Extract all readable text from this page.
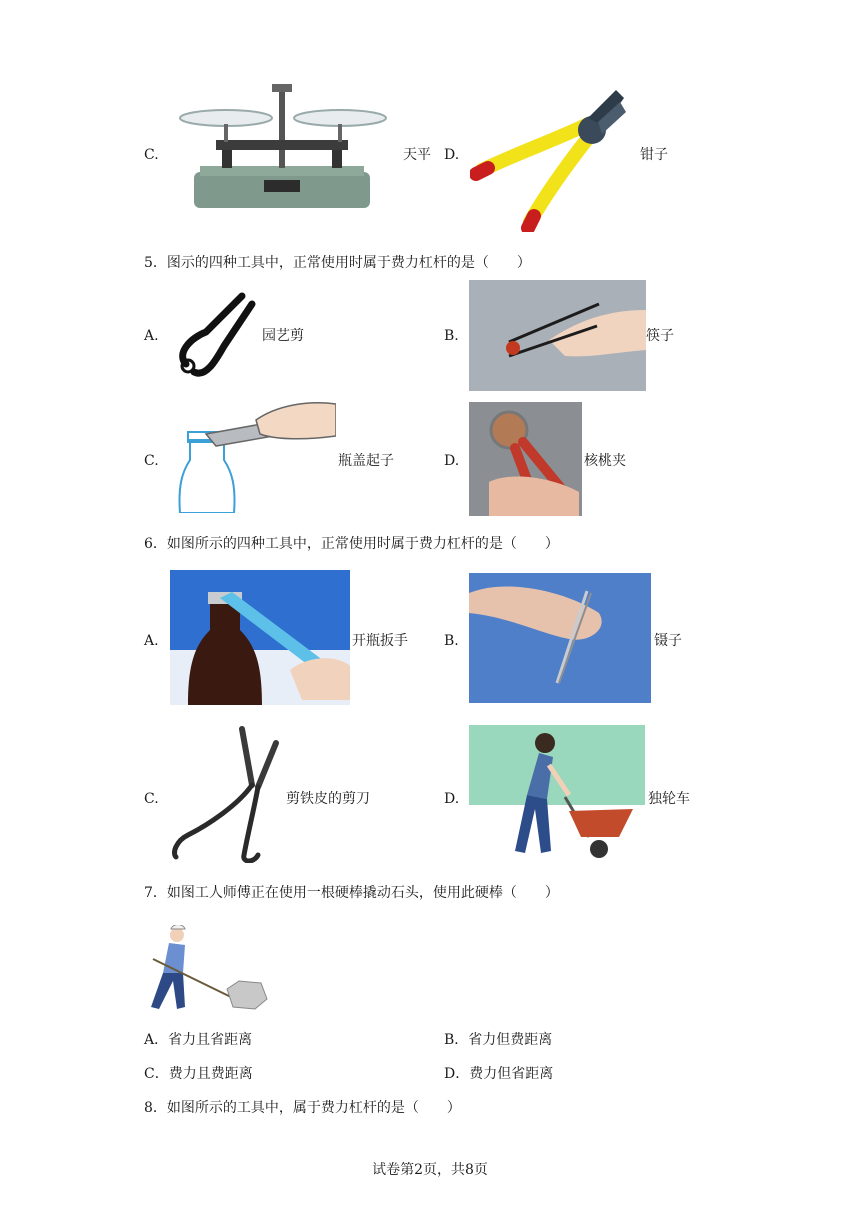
C.	天平 D.	钳子
5．图示的四种工具中，正常使用时属于费力杠杆的是（　　）
A.	园艺剪	B.	筷子
C.	瓶盖起子	D.	核桃夹
6．如图所示的四种工具中，正常使用时属于费力杠杆的是（　　）
A.	开瓶扳手	B.	镊子
C.	剪铁皮的剪刀	D.	独轮车
7．如图工人师傅正在使用一根硬棒撬动石头，使用此硬棒（　　）
A．省力且省距离	B．省力但费距离
C．费力且费距离	D．费力但省距离
8．如图所示的工具中，属于费力杠杆的是（　　）
试卷第2页，共8页
